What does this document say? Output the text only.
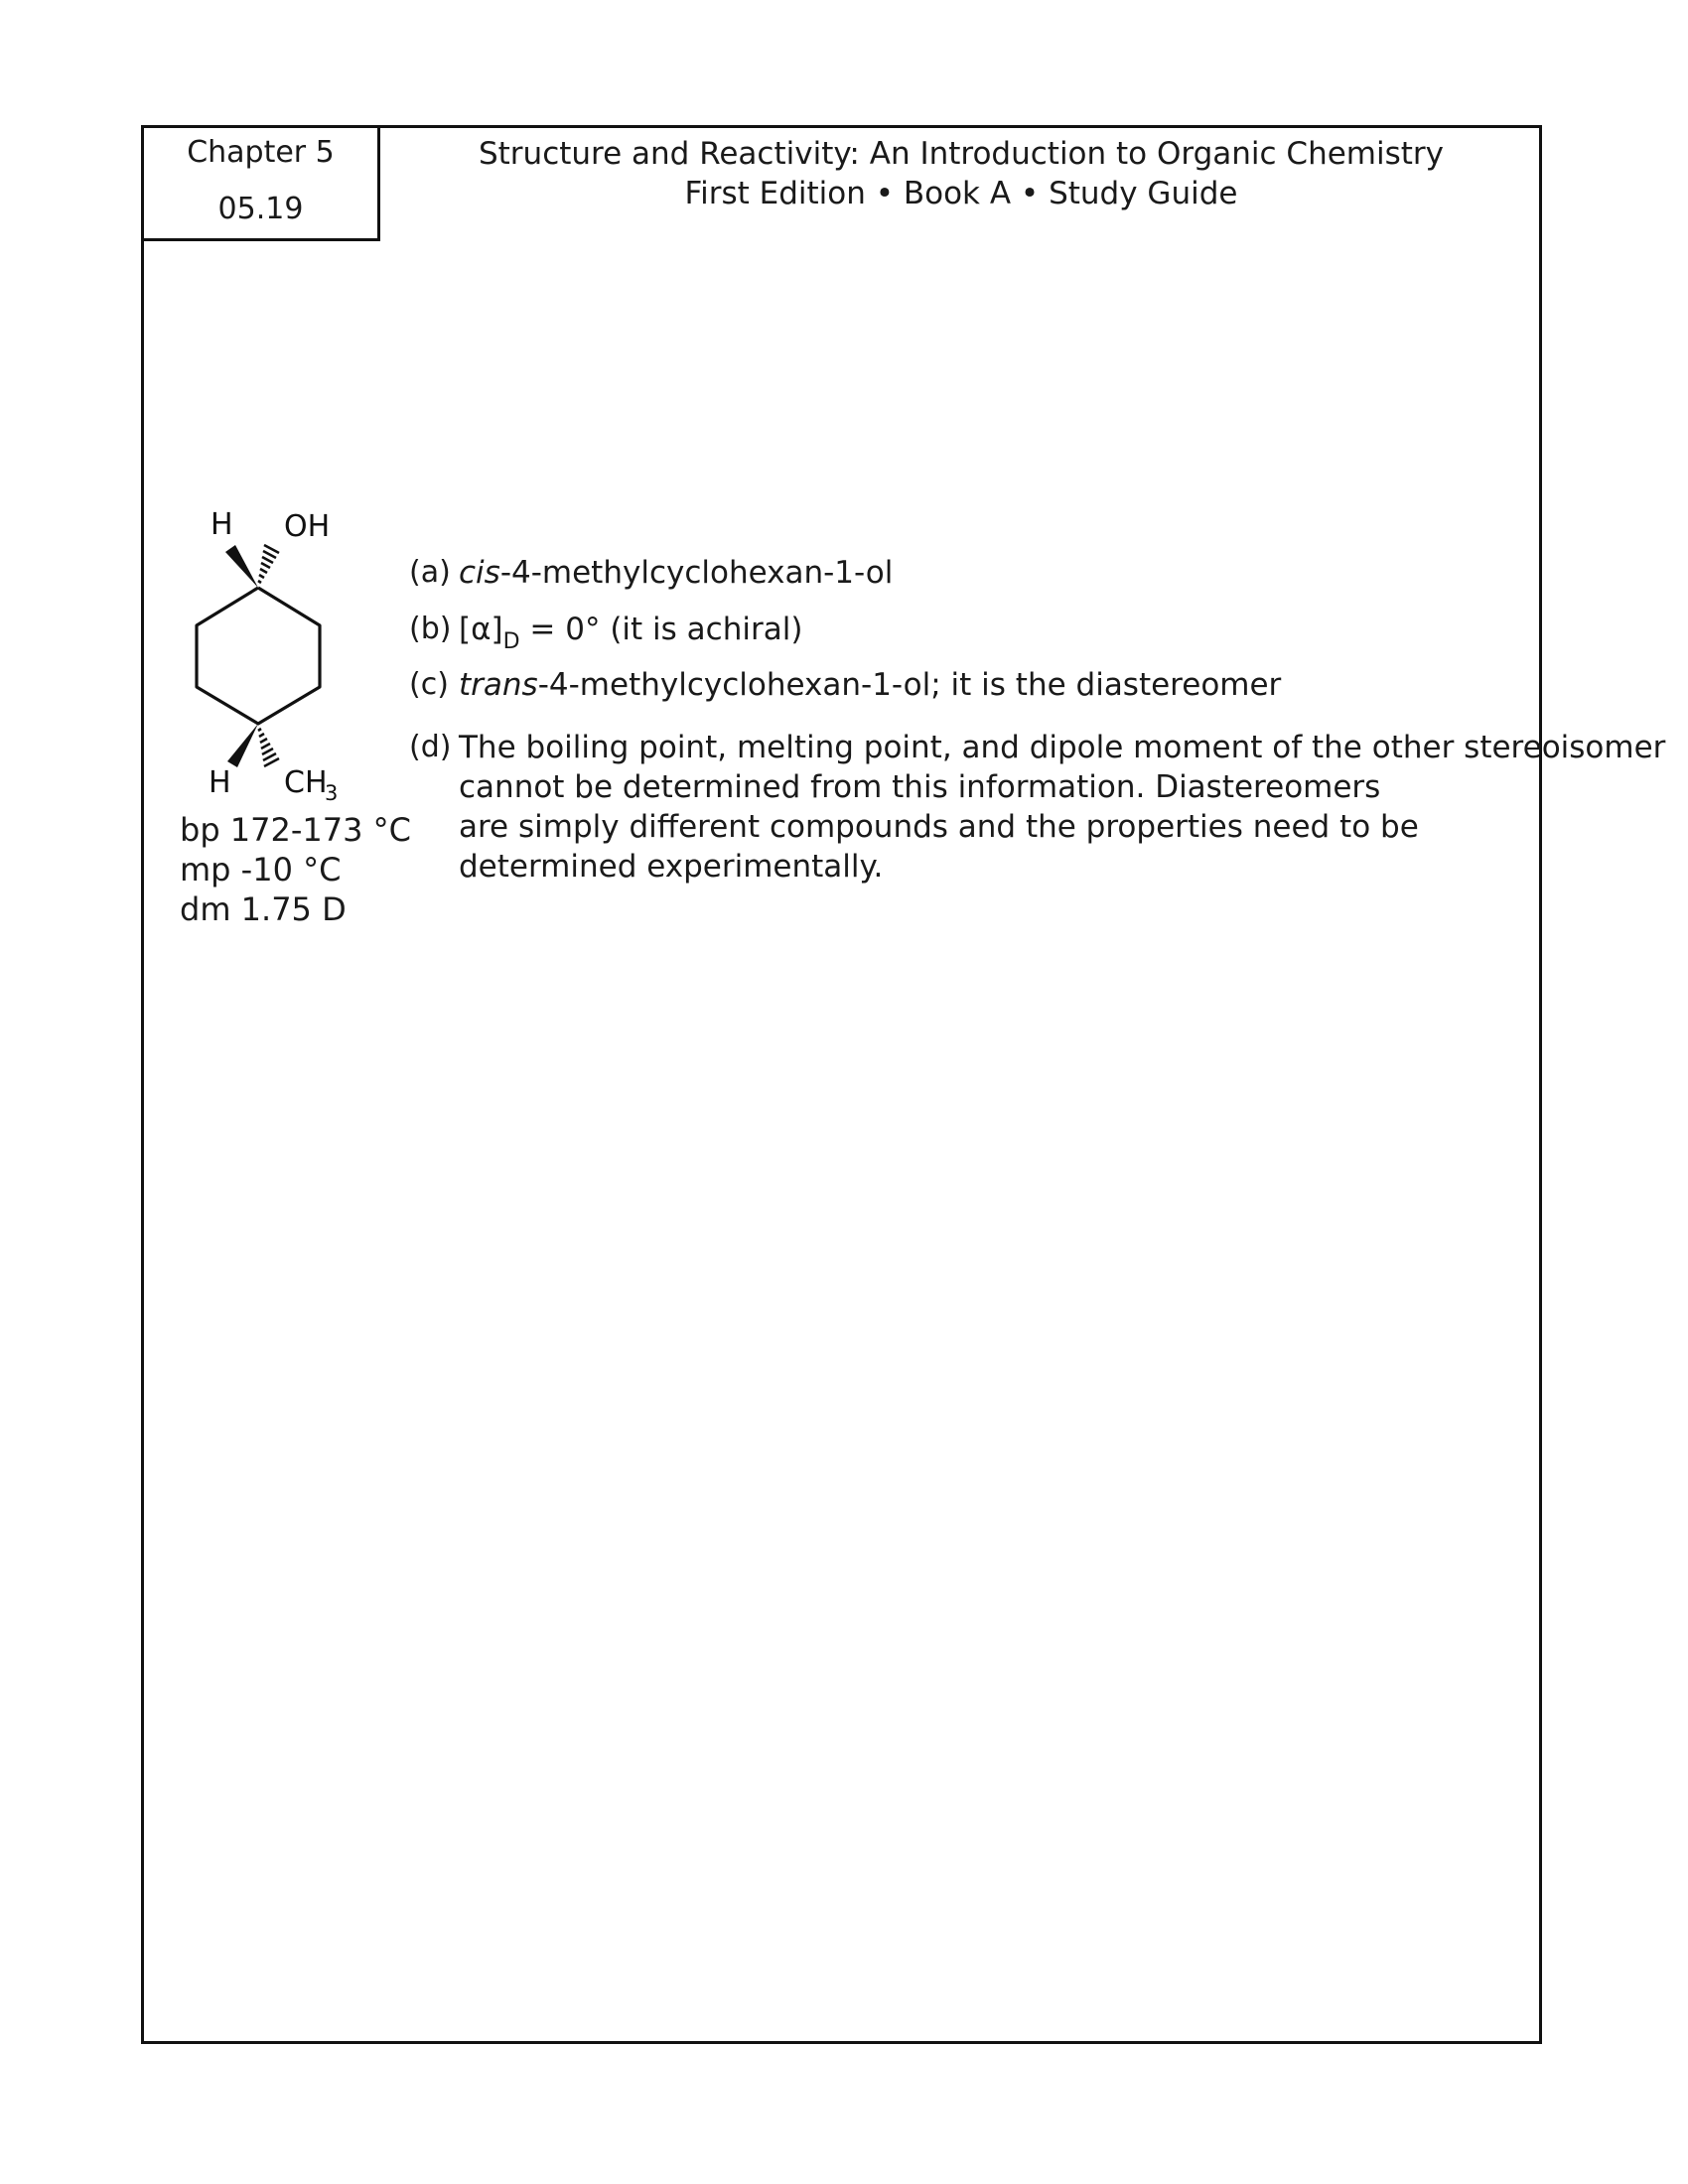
Chapter 5
05.19
Structure and Reactivity: An Introduction to Organic Chemistry
First Edition • Book A • Study Guide
H OH
H CH
3
bp 172-173 °C
mp -10 °C
dm 1.75 D
(a) cis-4-methylcyclohexan-1-ol
(b) $[\alpha]_D = 0^\circ$ (it is achiral)
(c) trans-4-methylcyclohexan-1-ol; it is the diastereomer
(d) The boiling point, melting point, and dipole moment of the other stereoisomer
cannot be determined from this information. Diastereomers
are simply different compounds and the properties need to be
determined experimentally.
